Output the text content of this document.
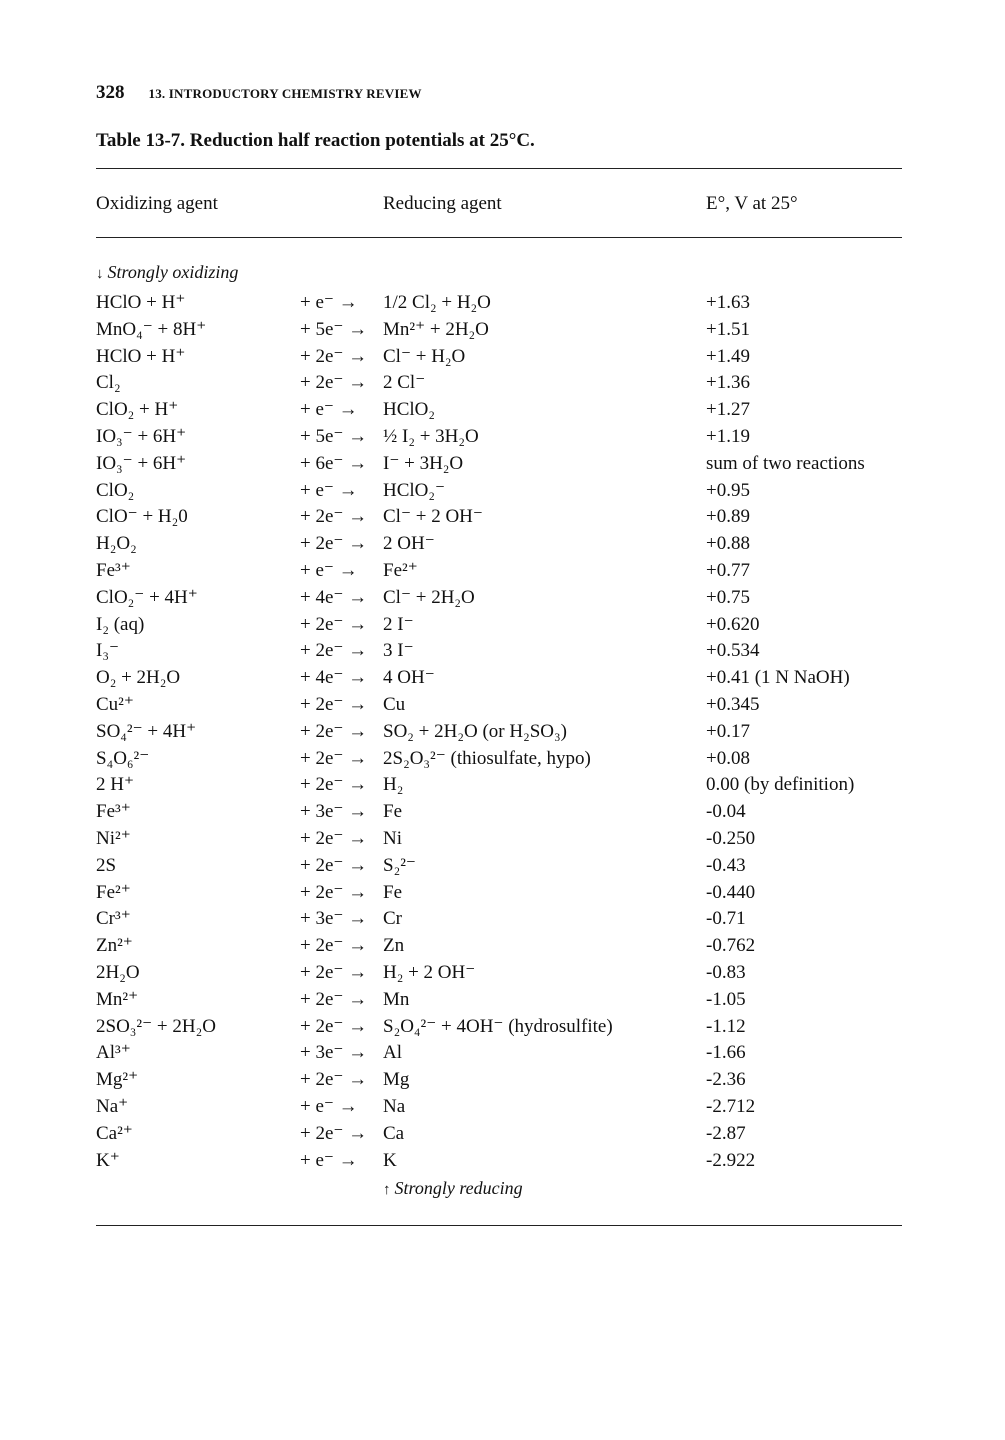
328 13. INTRODUCTORY CHEMISTRY REVIEW

Table 13-7. Reduction half reaction potentials at 25°C.

Oxidizing agent	Reducing agent	E°, V at 25°
↓ Strongly oxidizing
HClO + H⁺	+ e⁻ → 1/2 Cl₂ + H₂O	+1.63
MnO₄⁻ + 8H⁺	+ 5e⁻ → Mn²⁺ + 2H₂O	+1.51
HClO + H⁺	+ 2e⁻ → Cl⁻ + H₂O	+1.49
Cl₂	+ 2e⁻ → 2 Cl⁻	+1.36
ClO₂ + H⁺	+ e⁻ → HClO₂	+1.27
IO₃⁻ + 6H⁺	+ 5e⁻ → ½ I₂ + 3H₂O	+1.19
IO₃⁻ + 6H⁺	+ 6e⁻ → I⁻ + 3H₂O	sum of two reactions
ClO₂	+ e⁻ → HClO₂⁻	+0.95
ClO⁻ + H₂0	+ 2e⁻ → Cl⁻ + 2 OH⁻	+0.89
H₂O₂	+ 2e⁻ → 2 OH⁻	+0.88
Fe³⁺	+ e⁻ → Fe²⁺	+0.77
ClO₂⁻ + 4H⁺	+ 4e⁻ → Cl⁻ + 2H₂O	+0.75
I₂ (aq)	+ 2e⁻ → 2 I⁻	+0.620
I₃⁻	+ 2e⁻ → 3 I⁻	+0.534
O₂ + 2H₂O	+ 4e⁻ → 4 OH⁻	+0.41 (1 N NaOH)
Cu²⁺	+ 2e⁻ → Cu	+0.345
SO₄²⁻ + 4H⁺	+ 2e⁻ → SO₂ + 2H₂O (or H₂SO₃)	+0.17
S₄O₆²⁻	+ 2e⁻ → 2S₂O₃²⁻ (thiosulfate, hypo)	+0.08
2 H⁺	+ 2e⁻ → H₂	0.00 (by definition)
Fe³⁺	+ 3e⁻ → Fe	-0.04
Ni²⁺	+ 2e⁻ → Ni	-0.250
2S	+ 2e⁻ → S₂²⁻	-0.43
Fe²⁺	+ 2e⁻ → Fe	-0.440
Cr³⁺	+ 3e⁻ → Cr	-0.71
Zn²⁺	+ 2e⁻ → Zn	-0.762
2H₂O	+ 2e⁻ → H₂ + 2 OH⁻	-0.83
Mn²⁺	+ 2e⁻ → Mn	-1.05
2SO₃²⁻ + 2H₂O	+ 2e⁻ → S₂O₄²⁻ + 4OH⁻ (hydrosulfite)	-1.12
Al³⁺	+ 3e⁻ → Al	-1.66
Mg²⁺	+ 2e⁻ → Mg	-2.36
Na⁺	+ e⁻ → Na	-2.712
Ca²⁺	+ 2e⁻ → Ca	-2.87
K⁺	+ e⁻ → K	-2.922
↑ Strongly reducing
